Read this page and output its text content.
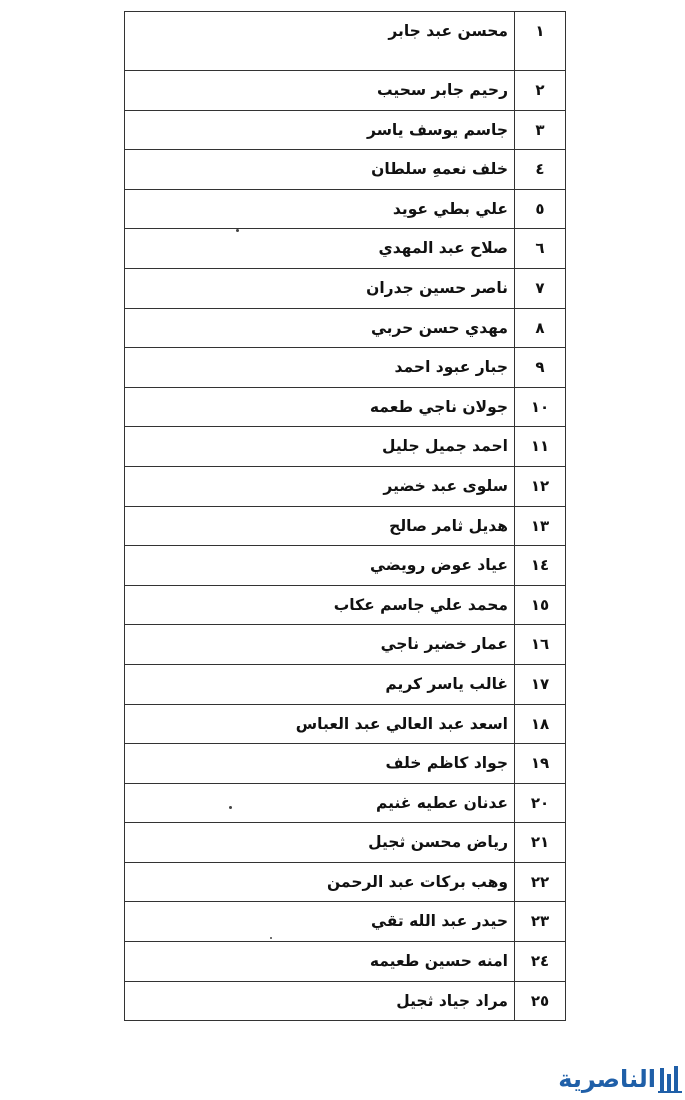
١	محسن عبد جابر
٢	رحيم جابر سحيب
٣	جاسم يوسف ياسر
٤	خلف نعمهِ سلطان
٥	علي بطي عويد
٦	صلاح عبد المهدي
٧	ناصر حسين جدران
٨	مهدي حسن حربي
٩	جبار عبود احمد
١٠	جولان ناجي طعمه
١١	احمد جميل جليل
١٢	سلوى عبد خضير
١٣	هديل ثامر صالح
١٤	عياد عوض رويضي
١٥	محمد علي جاسم عكاب
١٦	عمار خضير ناجي
١٧	غالب ياسر كريم
١٨	اسعد عبد العالي عبد العباس
١٩	جواد كاظم خلف
٢٠	عدنان عطيه غنيم
٢١	رياض محسن ثجيل
٢٢	وهب بركات عبد الرحمن
٢٣	حيدر عبد الله تقي
٢٤	امنه حسين طعيمه
٢٥	مراد جياد ثجيل
الناصرية
